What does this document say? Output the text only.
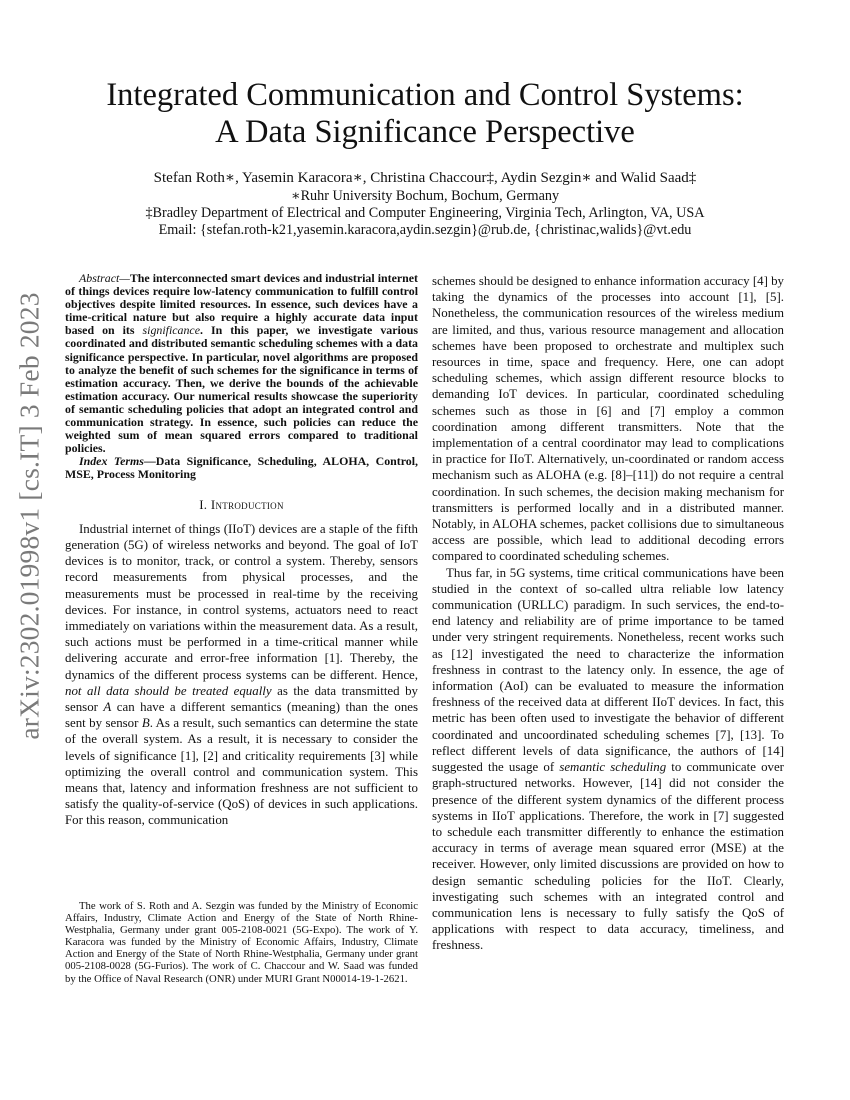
arXiv:2302.01998v1 [cs.IT] 3 Feb 2023
Integrated Communication and Control Systems:
A Data Significance Perspective
Stefan Roth∗, Yasemin Karacora∗, Christina Chaccour‡, Aydin Sezgin∗ and Walid Saad‡
∗Ruhr University Bochum, Bochum, Germany
‡Bradley Department of Electrical and Computer Engineering, Virginia Tech, Arlington, VA, USA
Email: {stefan.roth-k21,yasemin.karacora,aydin.sezgin}@rub.de, {christinac,walids}@vt.edu

Abstract—The interconnected smart devices and industrial internet of things devices require low-latency communication to fulfill control objectives despite limited resources. In essence, such devices have a time-critical nature but also require a highly accurate data input based on its significance. In this paper, we investigate various coordinated and distributed semantic scheduling schemes with a data significance perspective. In particular, novel algorithms are proposed to analyze the benefit of such schemes for the significance in terms of estimation accuracy. Then, we derive the bounds of the achievable estimation accuracy. Our numerical results showcase the superiority of semantic scheduling policies that adopt an integrated control and communication strategy. In essence, such policies can reduce the weighted sum of mean squared errors compared to traditional policies.

Index Terms—Data Significance, Scheduling, ALOHA, Control, MSE, Process Monitoring

I. Introduction

Industrial internet of things (IIoT) devices are a staple of the fifth generation (5G) of wireless networks and beyond. The goal of IoT devices is to monitor, track, or control a system. Thereby, sensors record measurements from physical processes, and the measurements must be processed in real-time by the receiving devices. For instance, in control systems, actuators need to react immediately on variations within the measurement data. As a result, such actions must be performed in a time-critical manner while delivering accurate and error-free information [1]. Thereby, the dynamics of the different process systems can be different. Hence, not all data should be treated equally as the data transmitted by sensor A can have a different semantics (meaning) than the ones sent by sensor B. As a result, such semantics can determine the state of the overall system. As a result, it is necessary to consider the levels of significance [1], [2] and criticality requirements [3] while optimizing the overall control and communication system. This means that, latency and information freshness are not sufficient to satisfy the quality-of-service (QoS) of devices in such applications. For this reason, communication

schemes should be designed to enhance information accuracy [4] by taking the dynamics of the processes into account [1], [5]. Nonetheless, the communication resources of the wireless medium are limited, and thus, various resource management and allocation schemes have been proposed to orchestrate and multiplex such resources in time, space and frequency. Here, one can adopt scheduling schemes, which assign different resource blocks to demanding IoT devices. In particular, coordinated scheduling schemes such as those in [6] and [7] employ a common coordination among different transmitters. Note that the implementation of a central coordinator may lead to complications in practice for IIoT. Alternatively, un-coordinated or random access mechanism such as ALOHA (e.g. [8]–[11]) do not require a central coordination. In such schemes, the decision making mechanism for transmitters is performed locally and in a distributed manner. Notably, in ALOHA schemes, packet collisions due to simultaneous access are possible, which lead to additional decoding errors compared to coordinated scheduling schemes.

Thus far, in 5G systems, time critical communications have been studied in the context of so-called ultra reliable low latency communication (URLLC) paradigm. In such services, the end-to-end latency and reliability are of prime importance to be tamed under very stringent requirements. Nonetheless, recent works such as [12] investigated the need to characterize the information freshness in contrast to the latency only. In essence, the age of information (AoI) can be evaluated to measure the information freshness of the received data at different IIoT devices. In fact, this metric has been often used to investigate the behavior of different coordinated and uncoordinated scheduling schemes [7], [13]. To reflect different levels of data significance, the authors of [14] suggested the usage of semantic scheduling to communicate over graph-structured networks. However, [14] did not consider the presence of the different system dynamics of the different process systems in IIoT applications. Therefore, the work in [7] suggested to schedule each transmitter differently to enhance the estimation accuracy in terms of average mean squared error (MSE) at the receiver. However, only limited discussions are provided on how to design semantic scheduling policies for the IIoT. Clearly, investigating such schemes with an integrated control and communication lens is necessary to fully satisfy the QoS of applications with respect to data accuracy, timeliness, and freshness.

The work of S. Roth and A. Sezgin was funded by the Ministry of Economic Affairs, Industry, Climate Action and Energy of the State of North Rhine-Westphalia, Germany under grant 005-2108-0021 (5G-Expo). The work of Y. Karacora was funded by the Ministry of Economic Affairs, Industry, Climate Action and Energy of the State of North Rhine-Westphalia, Germany under grant 005-2108-0028 (5G-Furios). The work of C. Chaccour and W. Saad was funded by the Office of Naval Research (ONR) under MURI Grant N00014-19-1-2621.
